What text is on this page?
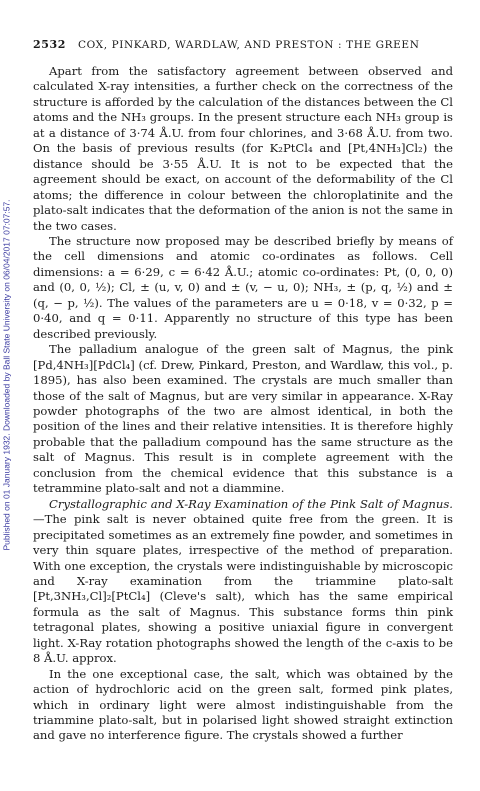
Published on 01 January 1932. Downloaded by Ball State University on 06/04/2017 07:07:57.
2532 COX, PINKARD, WARDLAW, AND PRESTON : THE GREEN

Apart from the satisfactory agreement between observed and calculated X-ray intensities, a further check on the correctness of the structure is afforded by the calculation of the distances between the Cl atoms and the NH₃ groups. In the present structure each NH₃ group is at a distance of 3·74 Å.U. from four chlorines, and 3·68 Å.U. from two. On the basis of previous results (for K₂PtCl₄ and [Pt,4NH₃]Cl₂) the distance should be 3·55 Å.U. It is not to be expected that the agreement should be exact, on account of the deformability of the Cl atoms; the difference in colour between the chloroplatinite and the plato-salt indicates that the deformation of the anion is not the same in the two cases.

The structure now proposed may be described briefly by means of the cell dimensions and atomic co-ordinates as follows. Cell dimensions: a = 6·29, c = 6·42 Å.U.; atomic co-ordinates: Pt, (0, 0, 0) and (0, 0, ½); Cl, ± (u, v, 0) and ± (v, − u, 0); NH₃, ± (p, q, ½) and ± (q, − p, ½). The values of the parameters are u = 0·18, v = 0·32, p = 0·40, and q = 0·11. Apparently no structure of this type has been described previously.

The palladium analogue of the green salt of Magnus, the pink [Pd,4NH₃][PdCl₄] (cf. Drew, Pinkard, Preston, and Wardlaw, this vol., p. 1895), has also been examined. The crystals are much smaller than those of the salt of Magnus, but are very similar in appearance. X-Ray powder photographs of the two are almost identical, in both the position of the lines and their relative intensities. It is therefore highly probable that the palladium compound has the same structure as the salt of Magnus. This result is in complete agreement with the conclusion from the chemical evidence that this substance is a tetrammine plato-salt and not a diammine.

Crystallographic and X-Ray Examination of the Pink Salt of Magnus.—The pink salt is never obtained quite free from the green. It is precipitated sometimes as an extremely fine powder, and sometimes in very thin square plates, irrespective of the method of preparation. With one exception, the crystals were indistinguishable by microscopic and X-ray examination from the triammine plato-salt [Pt,3NH₃,Cl]₂[PtCl₄] (Cleve's salt), which has the same empirical formula as the salt of Magnus. This substance forms thin pink tetragonal plates, showing a positive uniaxial figure in convergent light. X-Ray rotation photographs showed the length of the c-axis to be 8 Å.U. approx.

In the one exceptional case, the salt, which was obtained by the action of hydrochloric acid on the green salt, formed pink plates, which in ordinary light were almost indistinguishable from the triammine plato-salt, but in polarised light showed straight extinction and gave no interference figure. The crystals showed a further
